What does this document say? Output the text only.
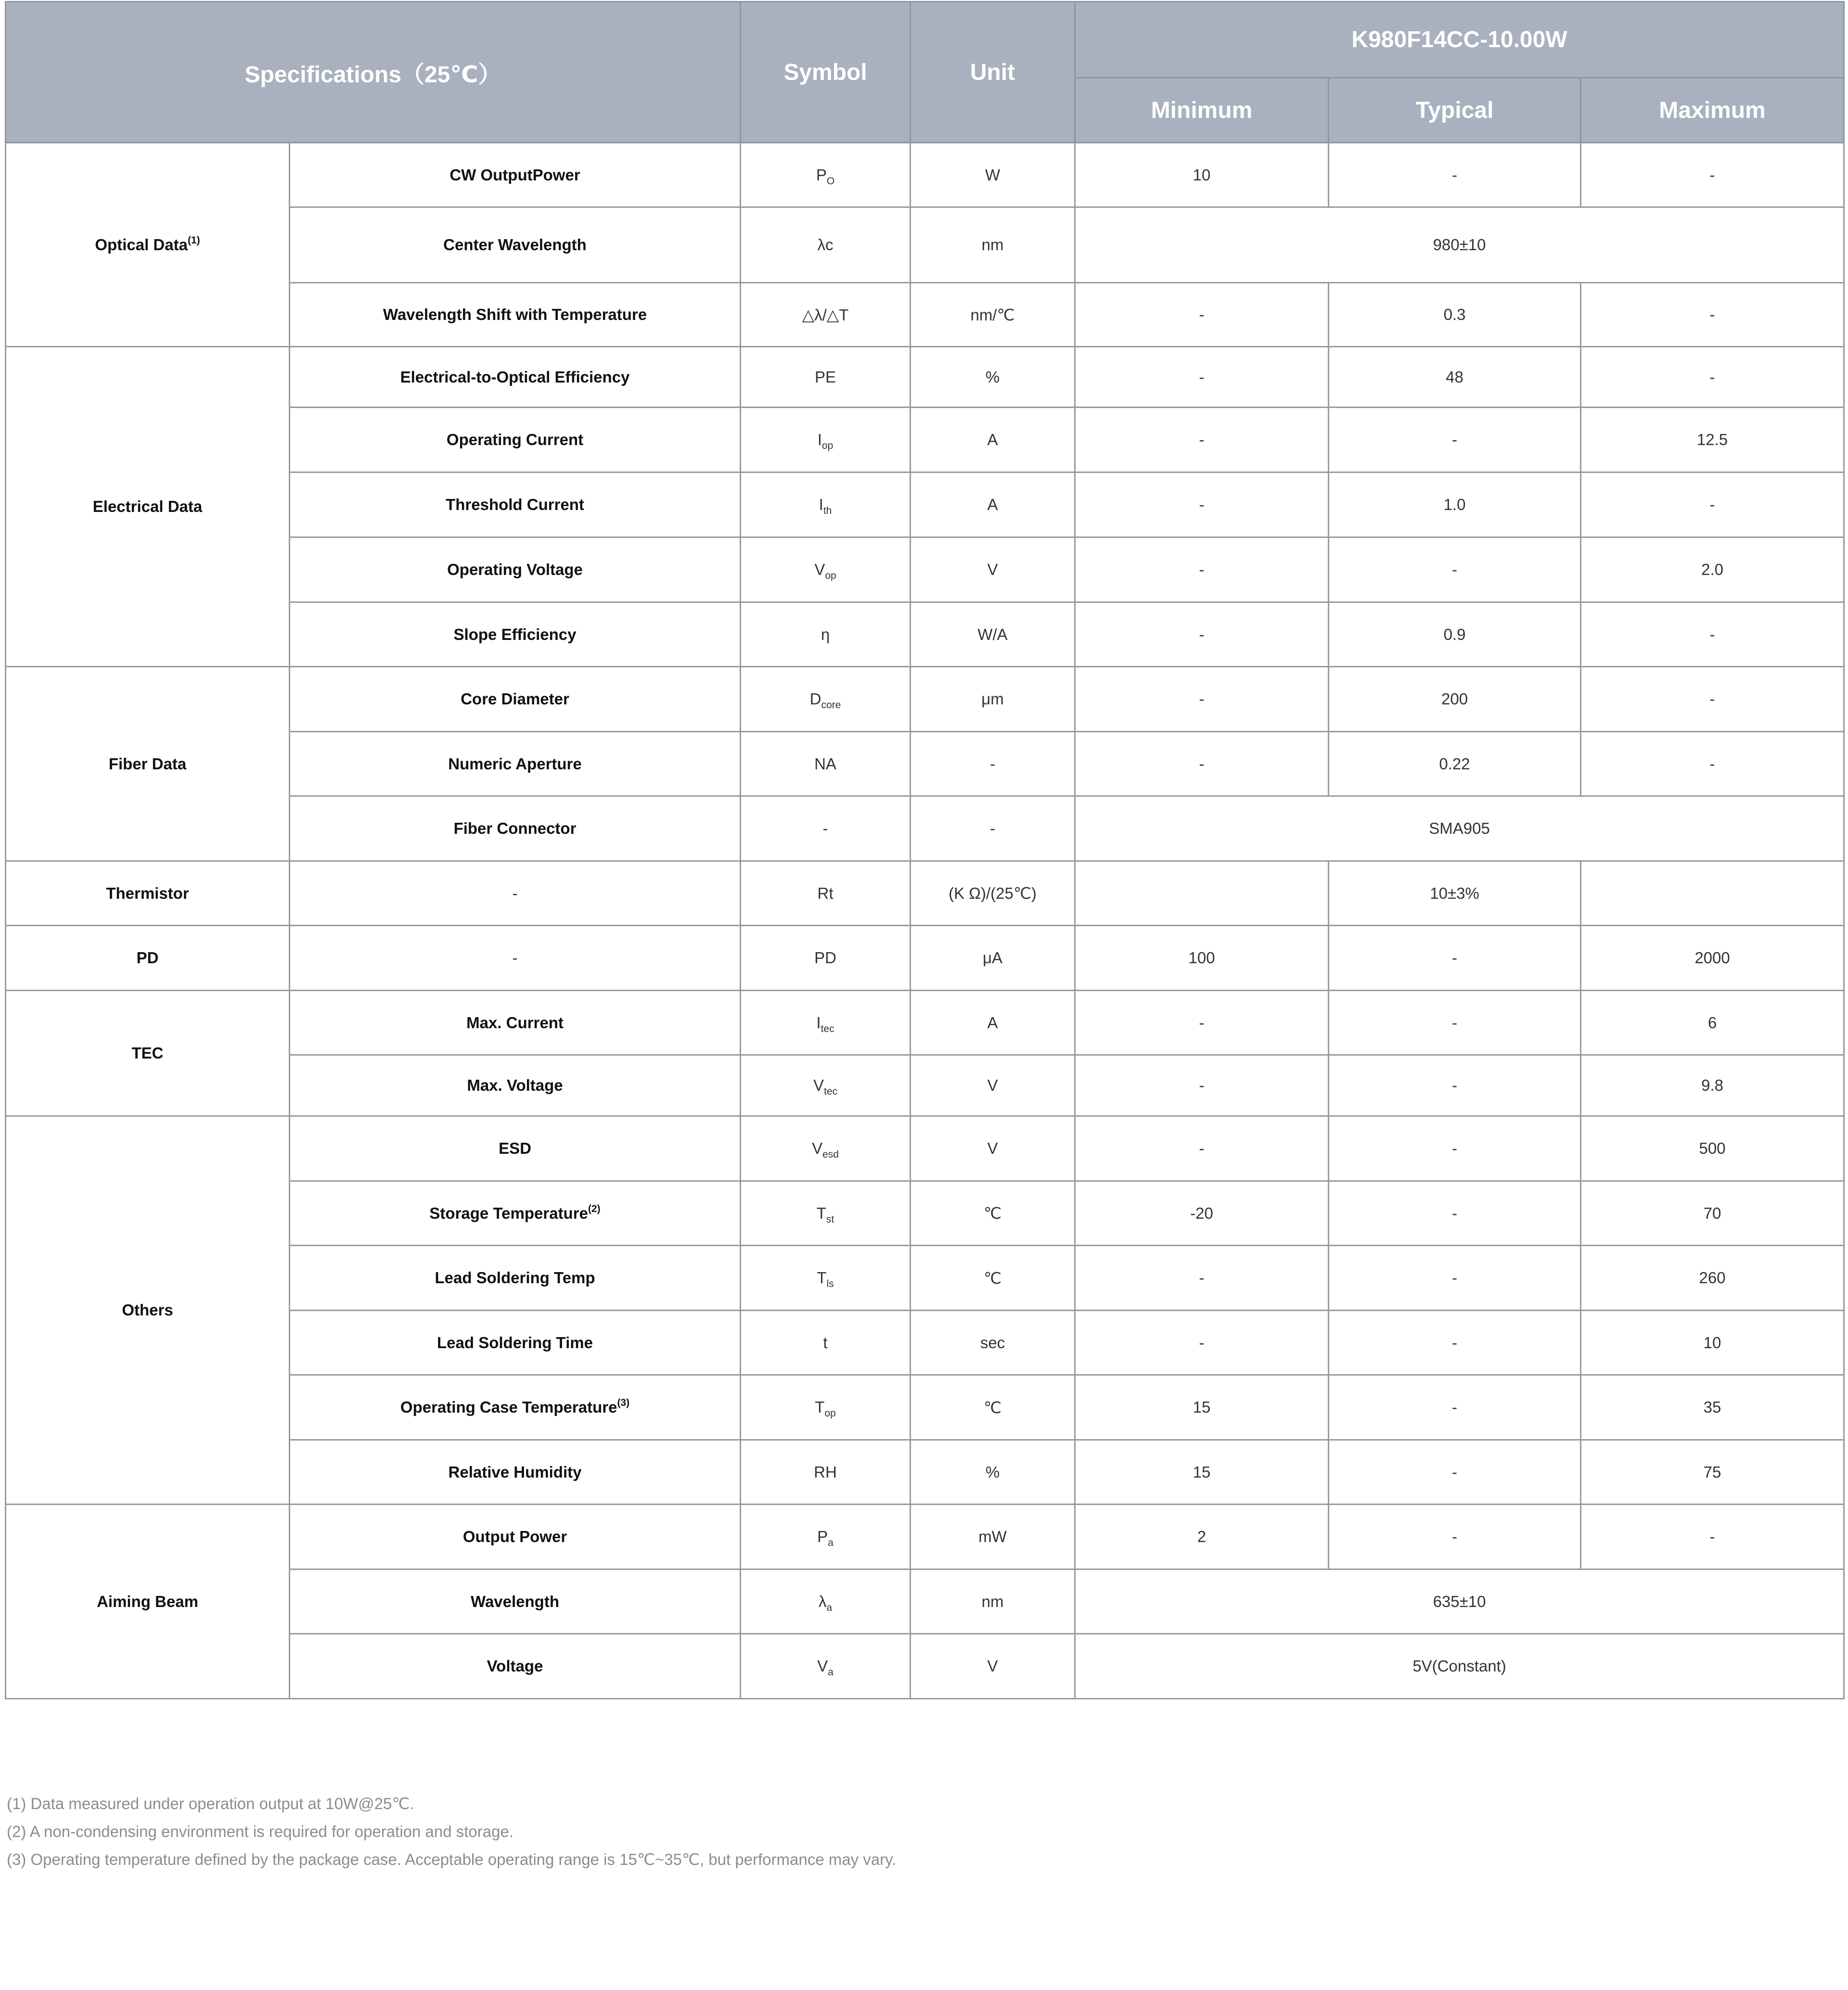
Specifications（25℃）		Symbol	Unit	K980F14CC-10.00W		
				Minimum	Typical	Maximum
Optical Data$^{(1)}$	CW OutputPower	$P_O$	W	10	-	-
	Center Wavelength	λc	nm	980±10		
	Wavelength Shift with Temperature	△λ/△T	nm/℃	-	0.3	-
Electrical Data	Electrical-to-Optical Efficiency	PE	%	-	48	-
	Operating Current	$I_{op}$	A	-	-	12.5
	Threshold Current	$I_{th}$	A	-	1.0	-
	Operating Voltage	$V_{op}$	V	-	-	2.0
	Slope Efficiency	η	W/A	-	0.9	-
Fiber Data	Core Diameter	$D_{core}$	μm	-	200	-
	Numeric Aperture	NA	-	-	0.22	-
	Fiber Connector	-	-	SMA905		
Thermistor	-	Rt	(K Ω)/(25℃)		10±3%	
PD	-	PD	μA	100	-	2000
TEC	Max. Current	$I_{tec}$	A	-	-	6
	Max. Voltage	$V_{tec}$	V	-	-	9.8
Others	ESD	$V_{esd}$	V	-	-	500
	Storage Temperature$^{(2)}$	$T_{st}$	℃	-20	-	70
	Lead Soldering Temp	$T_{ls}$	℃	-	-	260
	Lead Soldering Time	t	sec	-	-	10
	Operating Case Temperature$^{(3)}$	$T_{op}$	℃	15	-	35
	Relative Humidity	RH	%	15	-	75
Aiming Beam	Output Power	$P_a$	mW	2	-	-
	Wavelength	$\lambda_a$	nm	635±10		
	Voltage	$V_a$	V	5V(Constant)		
(1) Data measured under operation output at 10W@25℃.
(2) A non-condensing environment is required for operation and storage.
(3) Operating temperature defined by the package case. Acceptable operating range is 15℃~35℃, but performance may vary.
